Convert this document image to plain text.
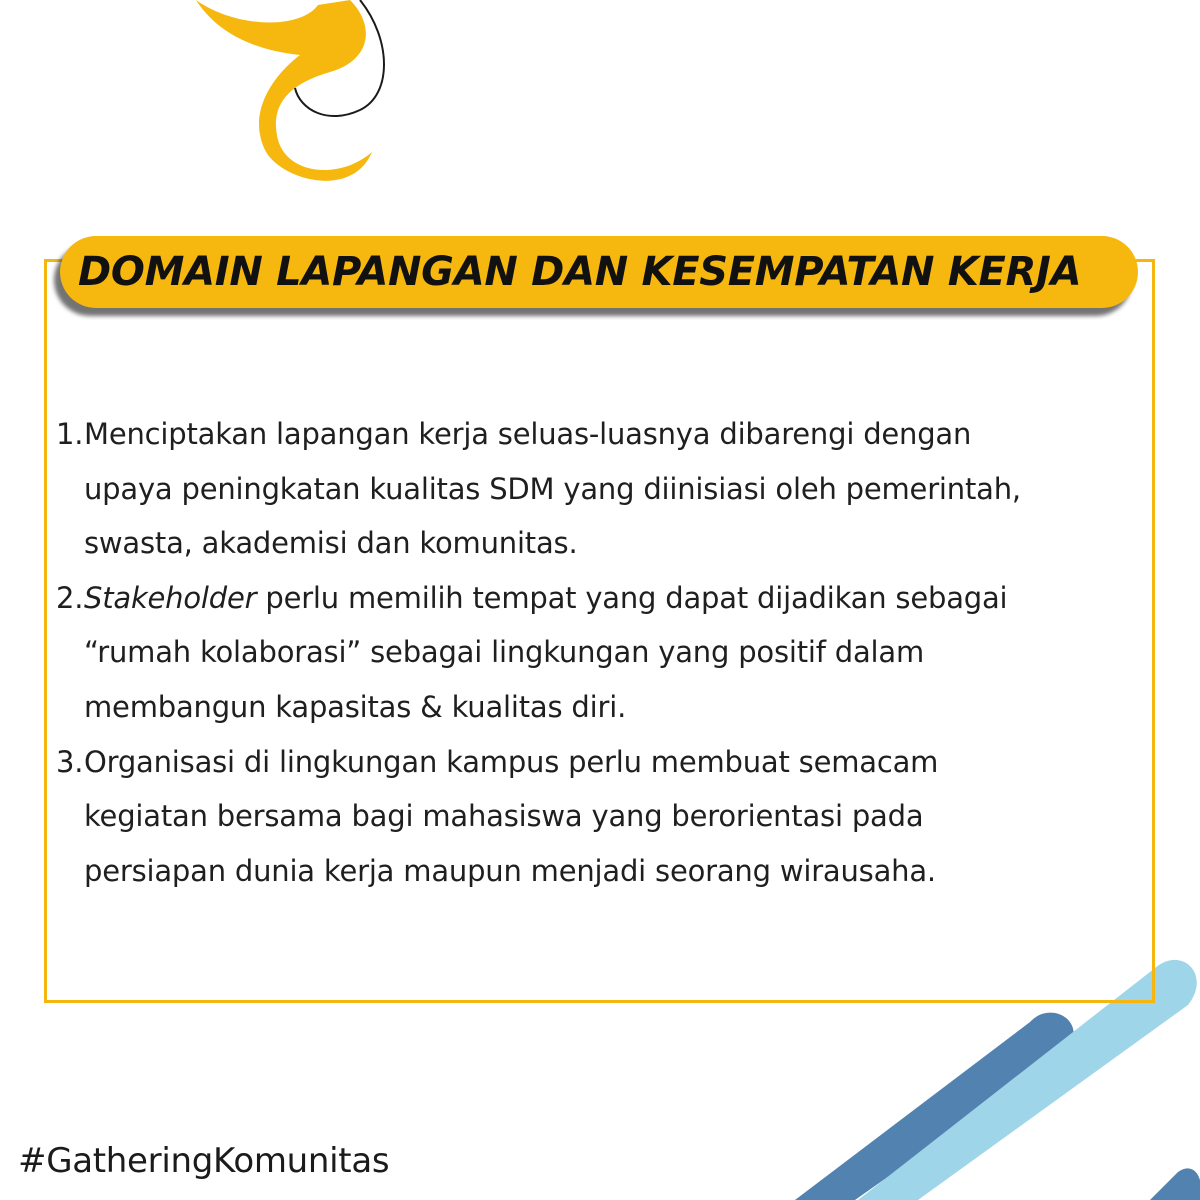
DOMAIN LAPANGAN DAN KESEMPATAN KERJA
1. Menciptakan lapangan kerja seluas-luasnya dibarengi dengan
upaya peningkatan kualitas SDM yang diinisiasi oleh pemerintah,
swasta, akademisi dan komunitas.
2. Stakeholder perlu memilih tempat yang dapat dijadikan sebagai
“rumah kolaborasi” sebagai lingkungan yang positif dalam
membangun kapasitas & kualitas diri.
3. Organisasi di lingkungan kampus perlu membuat semacam
kegiatan bersama bagi mahasiswa yang berorientasi pada
persiapan dunia kerja maupun menjadi seorang wirausaha.
#GatheringKomunitas
